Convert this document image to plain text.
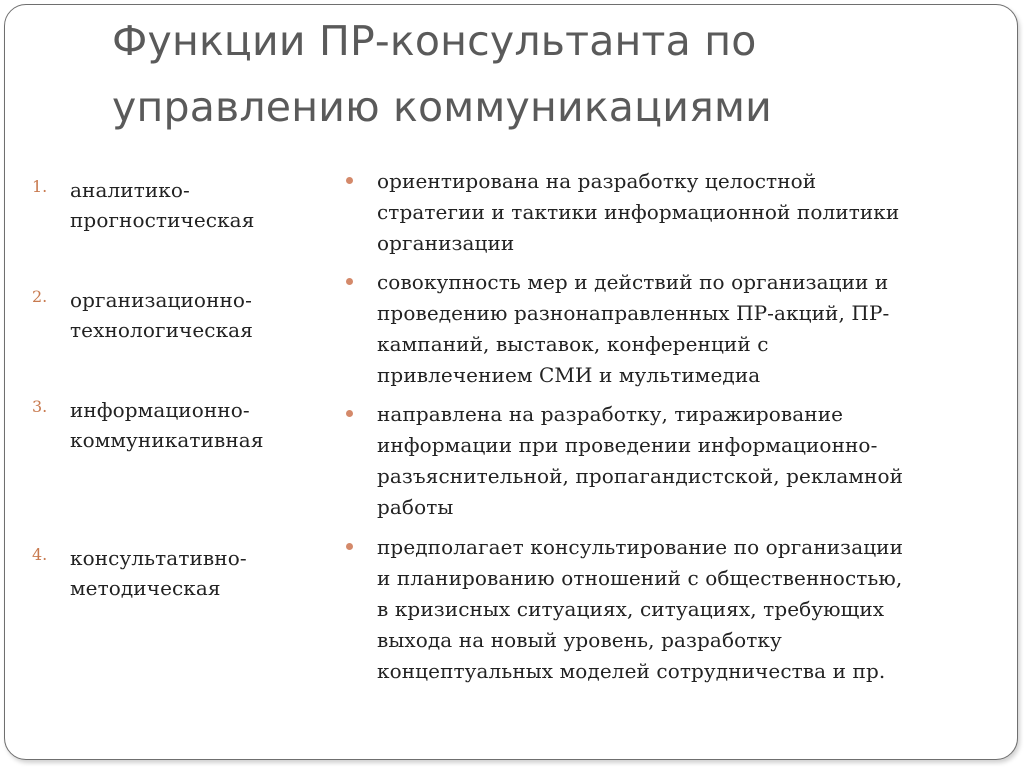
Функции ПР-консультанта по
управлению коммуникациями
1. аналитико-
прогностическая
2. организационно-
технологическая
3. информационно-
коммуникативная
4. консультативно-
методическая
ориентирована на разработку целостной
стратегии и тактики информационной политики
организации
совокупность мер и действий по организации и
проведению разнонаправленных ПР-акций, ПР-
кампаний, выставок, конференций с
привлечением СМИ и мультимедиа
направлена на разработку, тиражирование
информации при проведении информационно-
разъяснительной, пропагандистской, рекламной
работы
предполагает консультирование по организации
и планированию отношений с общественностью,
в кризисных ситуациях, ситуациях, требующих
выхода на новый уровень, разработку
концептуальных моделей сотрудничества и пр.
